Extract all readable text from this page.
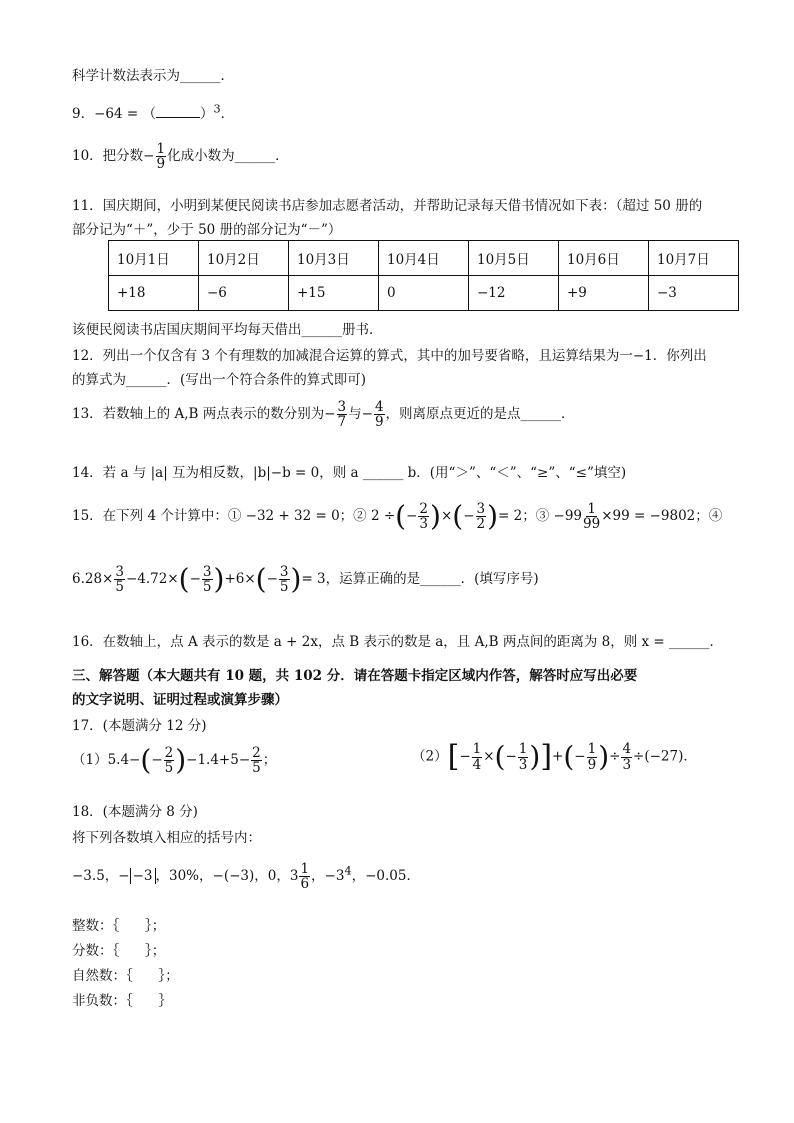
科学计数法表示为______．
9．−64 = （	）$^3$．
10．把分数− $\frac{1}{9}$ 化成小数为______．
11．国庆期间，小明到某便民阅读书店参加志愿者活动，并帮助记录每天借书情况如下表：（超过 50 册的
部分记为“＋”，少于 50 册的部分记为“－”）
10月1日	10月2日	10月3日	10月4日	10月5日	10月6日	10月7日
+18	−6	+15	0	−12	+9	−3
该便民阅读书店国庆期间平均每天借出______册书．
12．列出一个仅含有 3 个有理数的加减混合运算的算式，其中的加号要省略，且运算结果为一−1．你列出
的算式为______．(写出一个符合条件的算式即可)
13．若数轴上的 A,B 两点表示的数分别为− $\frac{3}{7}$ 与− $\frac{4}{9}$ ，则离原点更近的是点______．
14．若 a 与 |a| 互为相反数，|b|−b = 0，则 a ______ b．(用“＞”、“＜”、“≥”、“≤”填空)
15．在下列 4 个计算中：① −32 + 32 = 0；② 2 ÷(− $\frac{2}{3}$ )×(− $\frac{3}{2}$ )= 2；③ $-99 \frac{1}{99} \times 99 = -9802$；④
$6.28\times \frac{3}{5} -4.72\times(- \frac{3}{5} )+6\times(- \frac{3}{5}$ )= 3，运算正确的是______．(填写序号)
16．在数轴上，点 A 表示的数是 a + 2x，点 B 表示的数是 a，且 A,B 两点间的距离为 8，则 x = ______．
三、解答题（本大题共有 10 题，共 102 分．请在答题卡指定区域内作答，解答时应写出必要
的文字说明、证明过程或演算步骤）
17．(本题满分 12 分)
$(1)5.4-(- \frac{2}{5} )-1.4+5- \frac{2}{5}$ ；	$(2)[- \frac{1}{4}$ ×(− $\frac{1}{3}$ )]+(− $\frac{1}{9}$ )÷ $\frac{4}{3} \div(-27)$．
18．(本题满分 8 分)
将下列各数填入相应的括号内：
−3.5，− −3 ，30%，−(−3)，0，$3 \frac{1}{6}$ ，$-3^4$，−0.05．
整数：｛      ｝；
分数：｛      ｝；
自然数：｛      ｝；
非负数：｛      ｝
